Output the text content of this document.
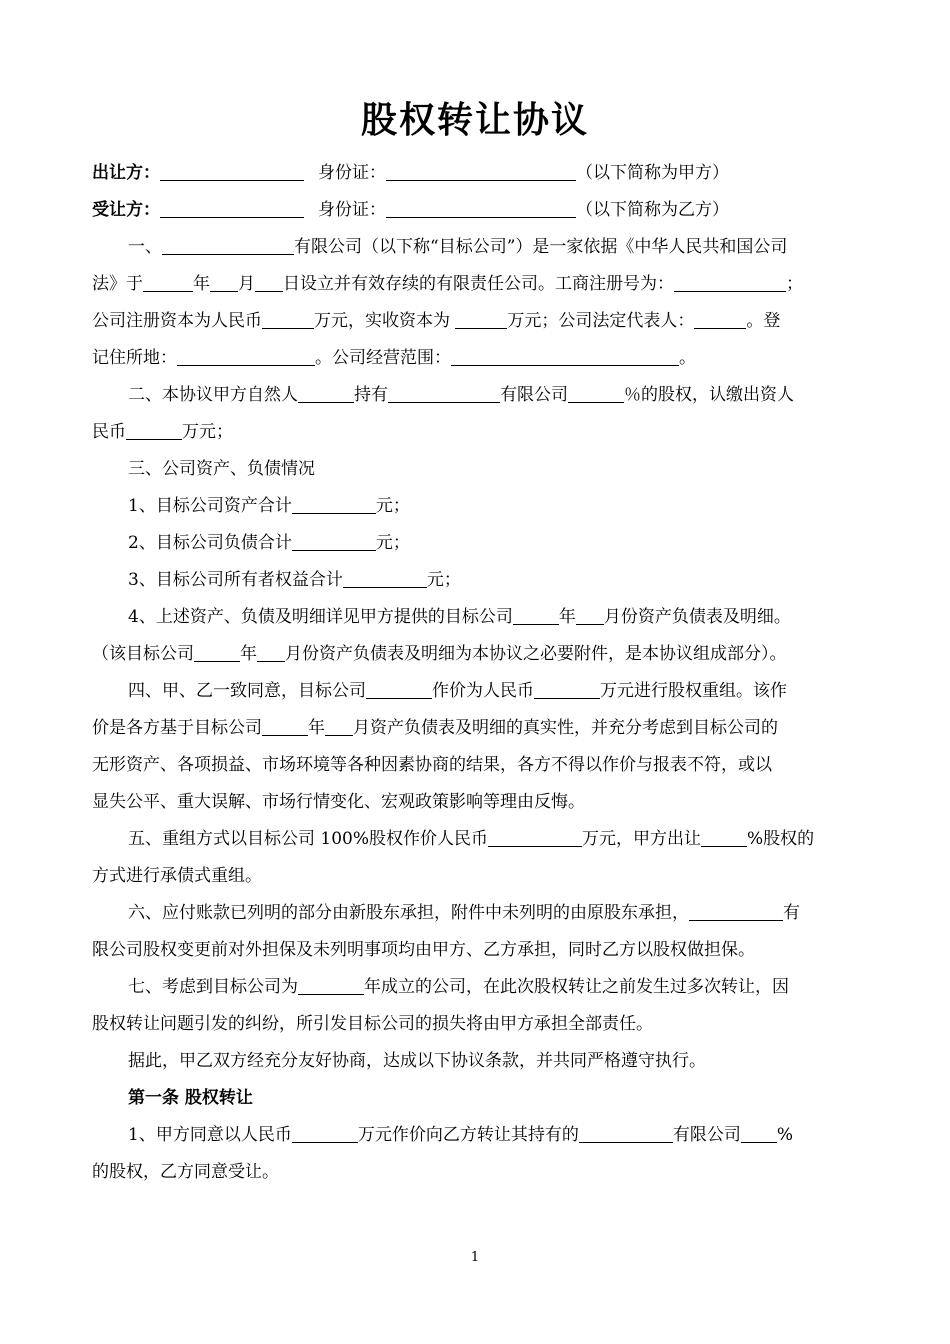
股权转让协议
出让方：	身份证：	（以下简称为甲方）
受让方：	身份证：	（以下简称为乙方）
一、	有限公司（以下称“目标公司”）是一家依据《中华人民共和国公司
法》于	年 月 日设立并有效存续的有限责任公司。工商注册号为：	；
公司注册资本为人民币	万元，实收资本为	万元；公司法定代表人：	。登
记住所地：	。公司经营范围：	。
二、本协议甲方自然人	持有	有限公司	％的股权，认缴出资人
民币	万元；
三、公司资产、负债情况
1、目标公司资产合计	元；
2、目标公司负债合计	元；
3、目标公司所有者权益合计	元；
4、上述资产、负债及明细详见甲方提供的目标公司	年 月份资产负债表及明细。
（该目标公司	年 月份资产负债表及明细为本协议之必要附件，是本协议组成部分）。
四、甲、乙一致同意，目标公司	作价为人民币	万元进行股权重组。该作
价是各方基于目标公司	年 月资产负债表及明细的真实性，并充分考虑到目标公司的
无形资产、各项损益、市场环境等各种因素协商的结果，各方不得以作价与报表不符，或以
显失公平、重大误解、市场行情变化、宏观政策影响等理由反悔。
五、重组方式以目标公司 100%股权作价人民币	万元，甲方出让	%股权的
方式进行承债式重组。
六、应付账款已列明的部分由新股东承担，附件中未列明的由原股东承担，	有
限公司股权变更前对外担保及未列明事项均由甲方、乙方承担，同时乙方以股权做担保。
七、考虑到目标公司为	年成立的公司，在此次股权转让之前发生过多次转让，因
股权转让问题引发的纠纷，所引发目标公司的损失将由甲方承担全部责任。
据此，甲乙双方经充分友好协商，达成以下协议条款，并共同严格遵守执行。
第一条 股权转让
1、甲方同意以人民币	万元作价向乙方转让其持有的	有限公司 %
的股权，乙方同意受让。
1
